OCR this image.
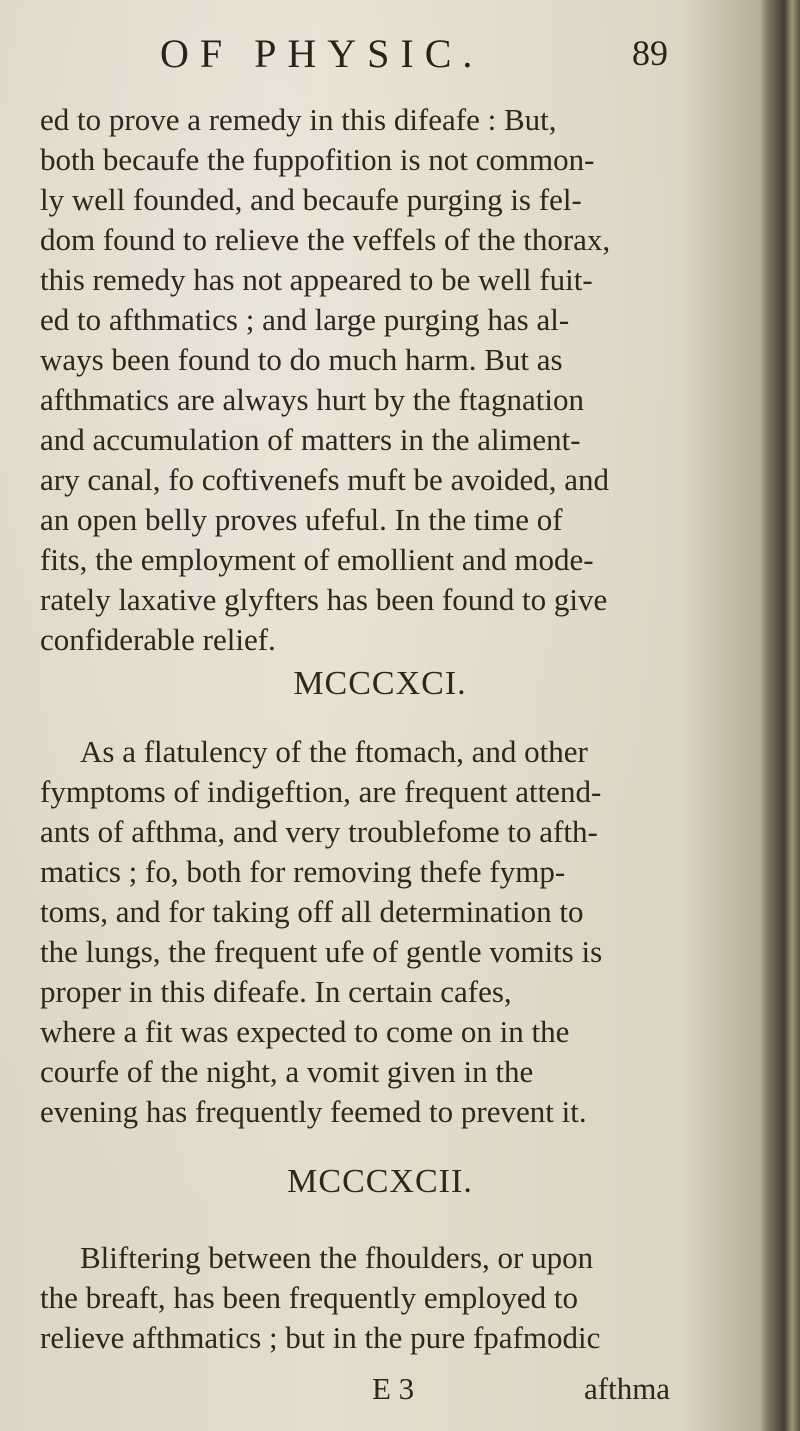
OF PHYSIC.	89
ed to prove a remedy in this difeafe : But,
both becaufe the fuppofition is not common-
ly well founded, and becaufe purging is fel-
dom found to relieve the veffels of the thorax,
this remedy has not appeared to be well fuit-
ed to afthmatics ; and large purging has al-
ways been found to do much harm. But as
afthmatics are always hurt by the ftagnation
and accumulation of matters in the aliment-
ary canal, fo coftivenefs muft be avoided, and
an open belly proves ufeful. In the time of
fits, the employment of emollient and mode-
rately laxative glyfters has been found to give
confiderable relief.
MCCCXCI.
As a flatulency of the ftomach, and other
fymptoms of indigeftion, are frequent attend-
ants of afthma, and very troublefome to afth-
matics ; fo, both for removing thefe fymp-
toms, and for taking off all determination to
the lungs, the frequent ufe of gentle vomits is
proper in this difeafe. In certain cafes,
where a fit was expected to come on in the
courfe of the night, a vomit given in the
evening has frequently feemed to prevent it.
MCCCXCII.
Bliftering between the fhoulders, or upon
the breaft, has been frequently employed to
relieve afthmatics ; but in the pure fpafmodic
E 3	afthma
